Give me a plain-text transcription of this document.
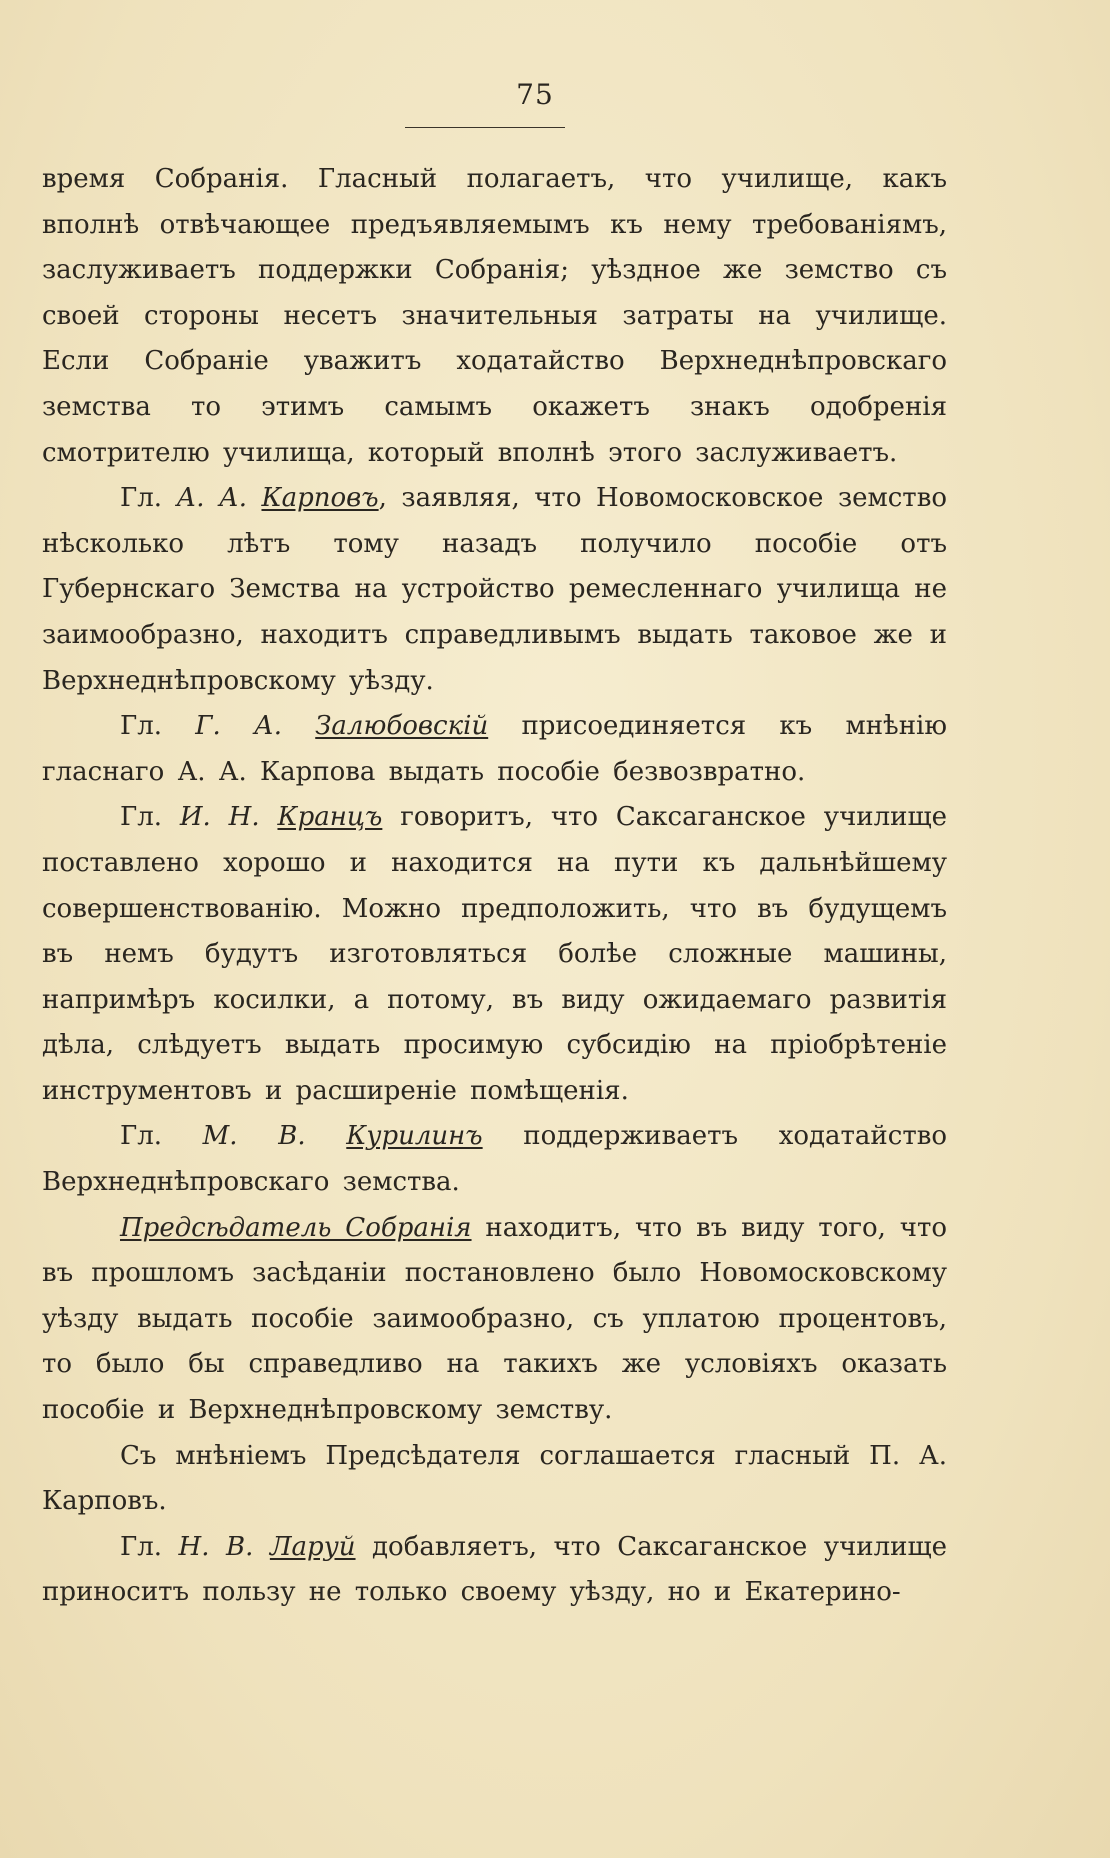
75

время Собранія. Гласный полагаетъ, что училище, какъ вполнѣ отвѣчающее предъявляемымъ къ нему требованіямъ, заслуживаетъ поддержки Собранія; уѣздное же земство съ своей стороны несетъ значительныя затраты на училище. Если Собраніе уважитъ ходатайство Верхнеднѣпровскаго земства то этимъ самымъ окажетъ знакъ одобренія смотрителю училища, который вполнѣ этого заслуживаетъ.

Гл. А. А. Карповъ, заявляя, что Новомосковское земство нѣсколько лѣтъ тому назадъ получило пособіе отъ Губернскаго Земства на устройство ремесленнаго училища не заимообразно, находитъ справедливымъ выдать таковое же и Верхнеднѣпровскому уѣзду.

Гл. Г. А. Залюбовскій присоединяется къ мнѣнію гласнаго А. А. Карпова выдать пособіе безвозвратно.

Гл. И. Н. Кранцъ говоритъ, что Саксаганское училище поставлено хорошо и находится на пути къ дальнѣйшему совершенствованію. Можно предположить, что въ будущемъ въ немъ будутъ изготовляться болѣе сложные машины, напримѣръ косилки, а потому, въ виду ожидаемаго развитія дѣла, слѣдуетъ выдать просимую субсидію на пріобрѣтеніе инструментовъ и расширеніе помѣщенія.

Гл. М. В. Курилинъ поддерживаетъ ходатайство Верхнеднѣпровскаго земства.

Предсѣдатель Собранія находитъ, что въ виду того, что въ прошломъ засѣданіи постановлено было Новомосковскому уѣзду выдать пособіе заимообразно, съ уплатою процентовъ, то было бы справедливо на такихъ же условіяхъ оказать пособіе и Верхнеднѣпровскому земству.

Съ мнѣніемъ Предсѣдателя соглашается гласный П. А. Карповъ.

Гл. Н. В. Ларуй добавляетъ, что Саксаганское училище приноситъ пользу не только своему уѣзду, но и Екатерино-
